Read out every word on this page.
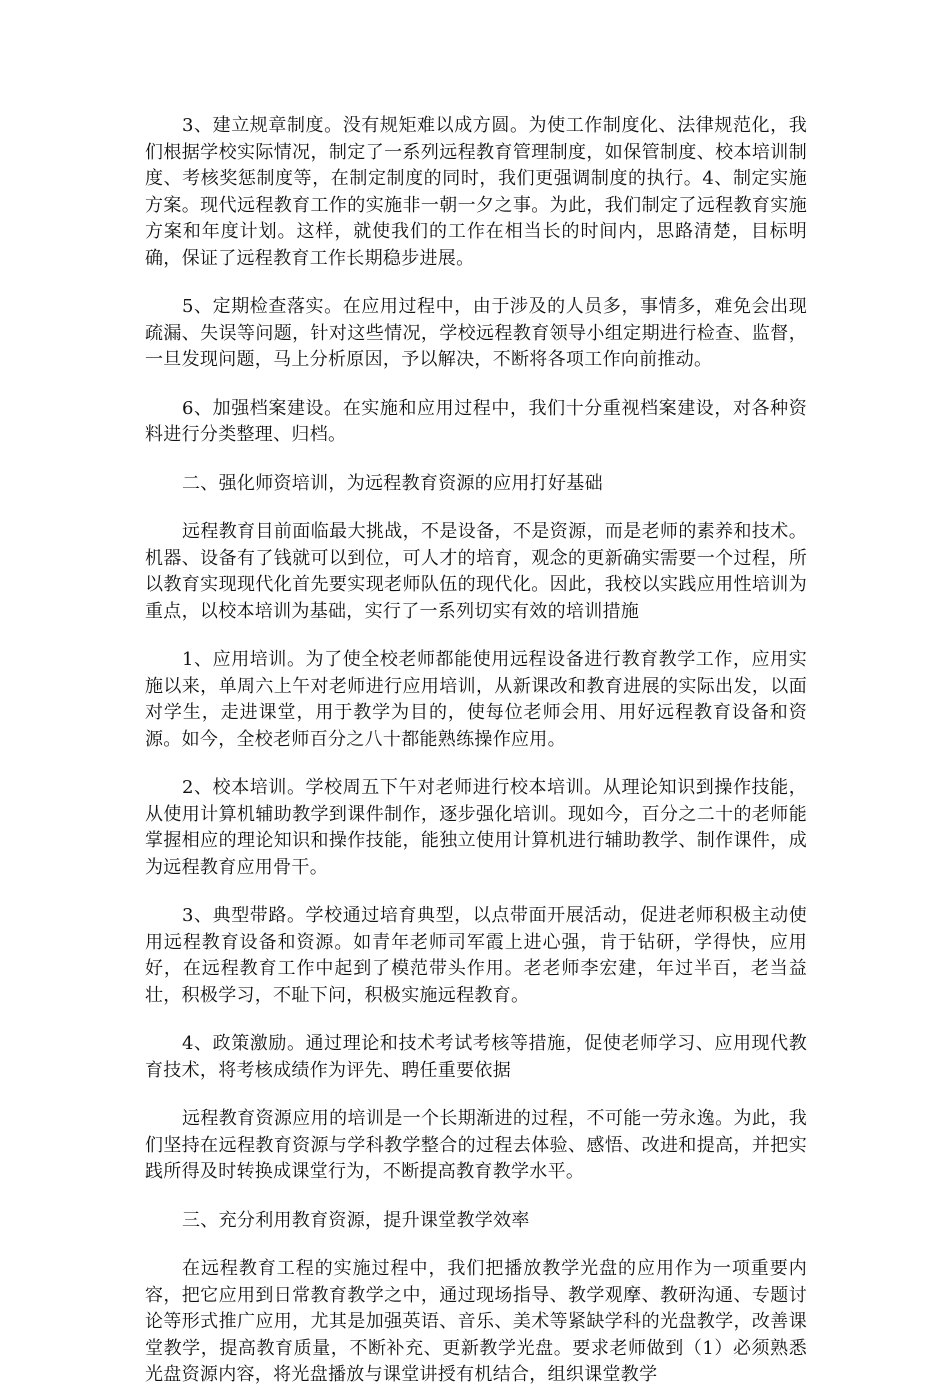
3、建立规章制度。没有规矩难以成方圆。为使工作制度化、法律规范化，我们根据学校实际情况，制定了一系列远程教育管理制度，如保管制度、校本培训制度、考核奖惩制度等，在制定制度的同时，我们更强调制度的执行。4、制定实施方案。现代远程教育工作的实施非一朝一夕之事。为此，我们制定了远程教育实施方案和年度计划。这样，就使我们的工作在相当长的时间内，思路清楚，目标明确，保证了远程教育工作长期稳步进展。

5、定期检查落实。在应用过程中，由于涉及的人员多，事情多，难免会出现疏漏、失误等问题，针对这些情况，学校远程教育领导小组定期进行检查、监督，一旦发现问题，马上分析原因，予以解决，不断将各项工作向前推动。

6、加强档案建设。在实施和应用过程中，我们十分重视档案建设，对各种资料进行分类整理、归档。

二、强化师资培训，为远程教育资源的应用打好基础

远程教育目前面临最大挑战，不是设备，不是资源，而是老师的素养和技术。机器、设备有了钱就可以到位，可人才的培育，观念的更新确实需要一个过程，所以教育实现现代化首先要实现老师队伍的现代化。因此，我校以实践应用性培训为重点，以校本培训为基础，实行了一系列切实有效的培训措施

1、应用培训。为了使全校老师都能使用远程设备进行教育教学工作，应用实施以来，单周六上午对老师进行应用培训，从新课改和教育进展的实际出发，以面对学生，走进课堂，用于教学为目的，使每位老师会用、用好远程教育设备和资源。如今，全校老师百分之八十都能熟练操作应用。

2、校本培训。学校周五下午对老师进行校本培训。从理论知识到操作技能，从使用计算机辅助教学到课件制作，逐步强化培训。现如今，百分之二十的老师能掌握相应的理论知识和操作技能，能独立使用计算机进行辅助教学、制作课件，成为远程教育应用骨干。

3、典型带路。学校通过培育典型，以点带面开展活动，促进老师积极主动使用远程教育设备和资源。如青年老师司军霞上进心强，肯于钻研，学得快，应用好，在远程教育工作中起到了模范带头作用。老老师李宏建，年过半百，老当益壮，积极学习，不耻下问，积极实施远程教育。

4、政策激励。通过理论和技术考试考核等措施，促使老师学习、应用现代教育技术，将考核成绩作为评先、聘任重要依据

远程教育资源应用的培训是一个长期渐进的过程，不可能一劳永逸。为此，我们坚持在远程教育资源与学科教学整合的过程去体验、感悟、改进和提高，并把实践所得及时转换成课堂行为，不断提高教育教学水平。

三、充分利用教育资源，提升课堂教学效率

在远程教育工程的实施过程中，我们把播放教学光盘的应用作为一项重要内容，把它应用到日常教育教学之中，通过现场指导、教学观摩、教研沟通、专题讨论等形式推广应用，尤其是加强英语、音乐、美术等紧缺学科的光盘教学，改善课堂教学，提高教育质量，不断补充、更新教学光盘。要求老师做到（1）必须熟悉光盘资源内容，将光盘播放与课堂讲授有机结合，组织课堂教学
